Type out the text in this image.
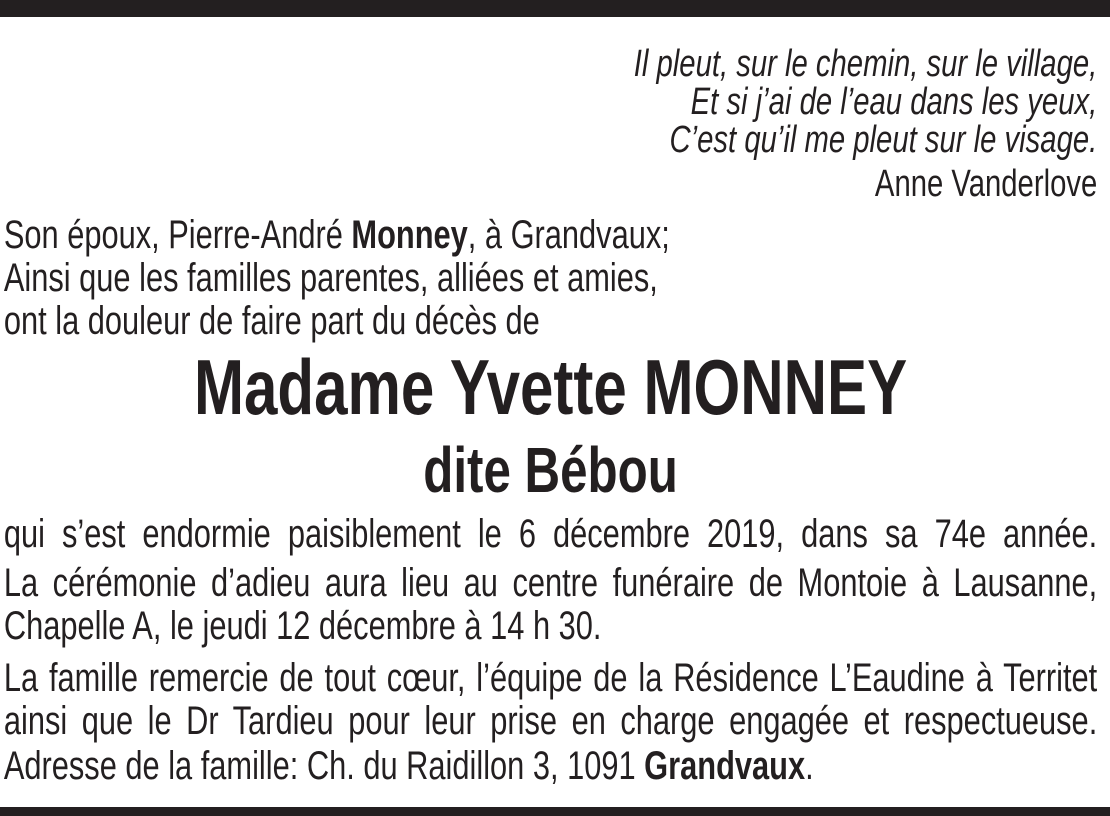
Il pleut, sur le chemin, sur le village,
Et si j’ai de l’eau dans les yeux,
C’est qu’il me pleut sur le visage.
Anne Vanderlove
Son époux, Pierre-André Monney, à Grandvaux;
Ainsi que les familles parentes, alliées et amies,
ont la douleur de faire part du décès de
Madame Yvette MONNEY
dite Bébou
qui s’est endormie paisiblement le 6 décembre 2019, dans sa 74e année.
La cérémonie d’adieu aura lieu au centre funéraire de Montoie à Lausanne,
Chapelle A, le jeudi 12 décembre à 14 h 30.
La famille remercie de tout cœur, l’équipe de la Résidence L’Eaudine à Territet
ainsi que le Dr Tardieu pour leur prise en charge engagée et respectueuse.
Adresse de la famille: Ch. du Raidillon 3, 1091 Grandvaux.
